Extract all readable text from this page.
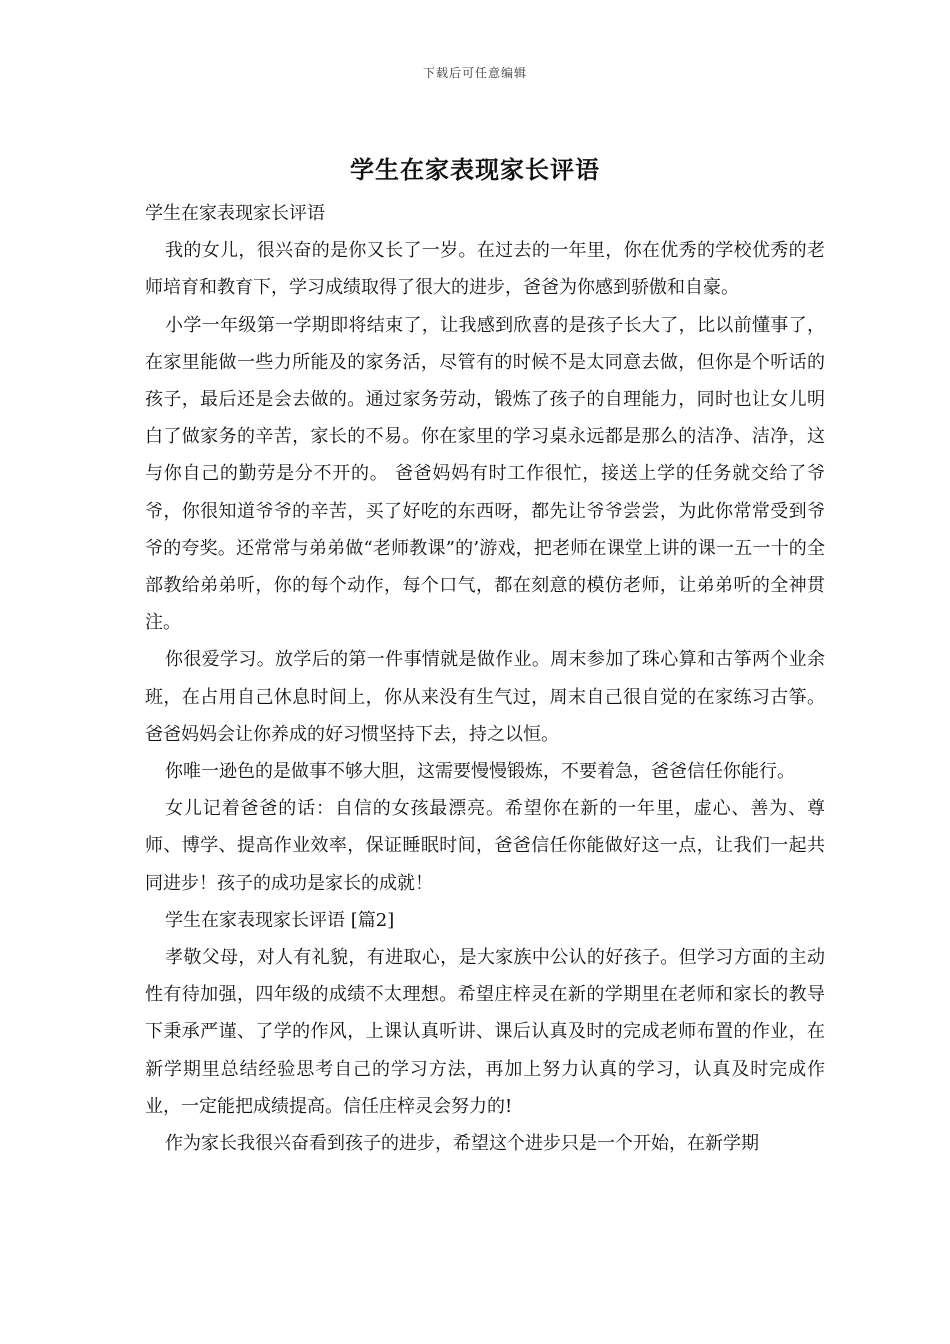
下载后可任意编辑
学生在家表现家长评语

学生在家表现家长评语

我的女儿，很兴奋的是你又长了一岁。在过去的一年里，你在优秀的学校优秀的老师培育和教育下，学习成绩取得了很大的进步，爸爸为你感到骄傲和自豪。

小学一年级第一学期即将结束了，让我感到欣喜的是孩子长大了，比以前懂事了，在家里能做一些力所能及的家务活，尽管有的时候不是太同意去做，但你是个听话的孩子，最后还是会去做的。通过家务劳动，锻炼了孩子的自理能力，同时也让女儿明白了做家务的辛苦，家长的不易。你在家里的学习桌永远都是那么的洁净、洁净，这与你自己的勤劳是分不开的。 爸爸妈妈有时工作很忙，接送上学的任务就交给了爷爷，你很知道爷爷的辛苦，买了好吃的东西呀，都先让爷爷尝尝，为此你常常受到爷爷的夸奖。还常常与弟弟做“老师教课”的’游戏，把老师在课堂上讲的课一五一十的全部教给弟弟听，你的每个动作，每个口气，都在刻意的模仿老师，让弟弟听的全神贯注。

你很爱学习。放学后的第一件事情就是做作业。周末参加了珠心算和古筝两个业余班，在占用自己休息时间上，你从来没有生气过，周末自己很自觉的在家练习古筝。爸爸妈妈会让你养成的好习惯坚持下去，持之以恒。

你唯一逊色的是做事不够大胆，这需要慢慢锻炼，不要着急，爸爸信任你能行。

女儿记着爸爸的话：自信的女孩最漂亮。希望你在新的一年里，虚心、善为、尊师、博学、提高作业效率，保证睡眠时间，爸爸信任你能做好这一点，让我们一起共同进步！孩子的成功是家长的成就！

学生在家表现家长评语 [篇2]

孝敬父母，对人有礼貌，有进取心，是大家族中公认的好孩子。但学习方面的主动性有待加强，四年级的成绩不太理想。希望庄梓灵在新的学期里在老师和家长的教导下秉承严谨、了学的作风，上课认真听讲、课后认真及时的完成老师布置的作业，在新学期里总结经验思考自己的学习方法，再加上努力认真的学习，认真及时完成作业，一定能把成绩提高。信任庄梓灵会努力的!

作为家长我很兴奋看到孩子的进步，希望这个进步只是一个开始，在新学期
